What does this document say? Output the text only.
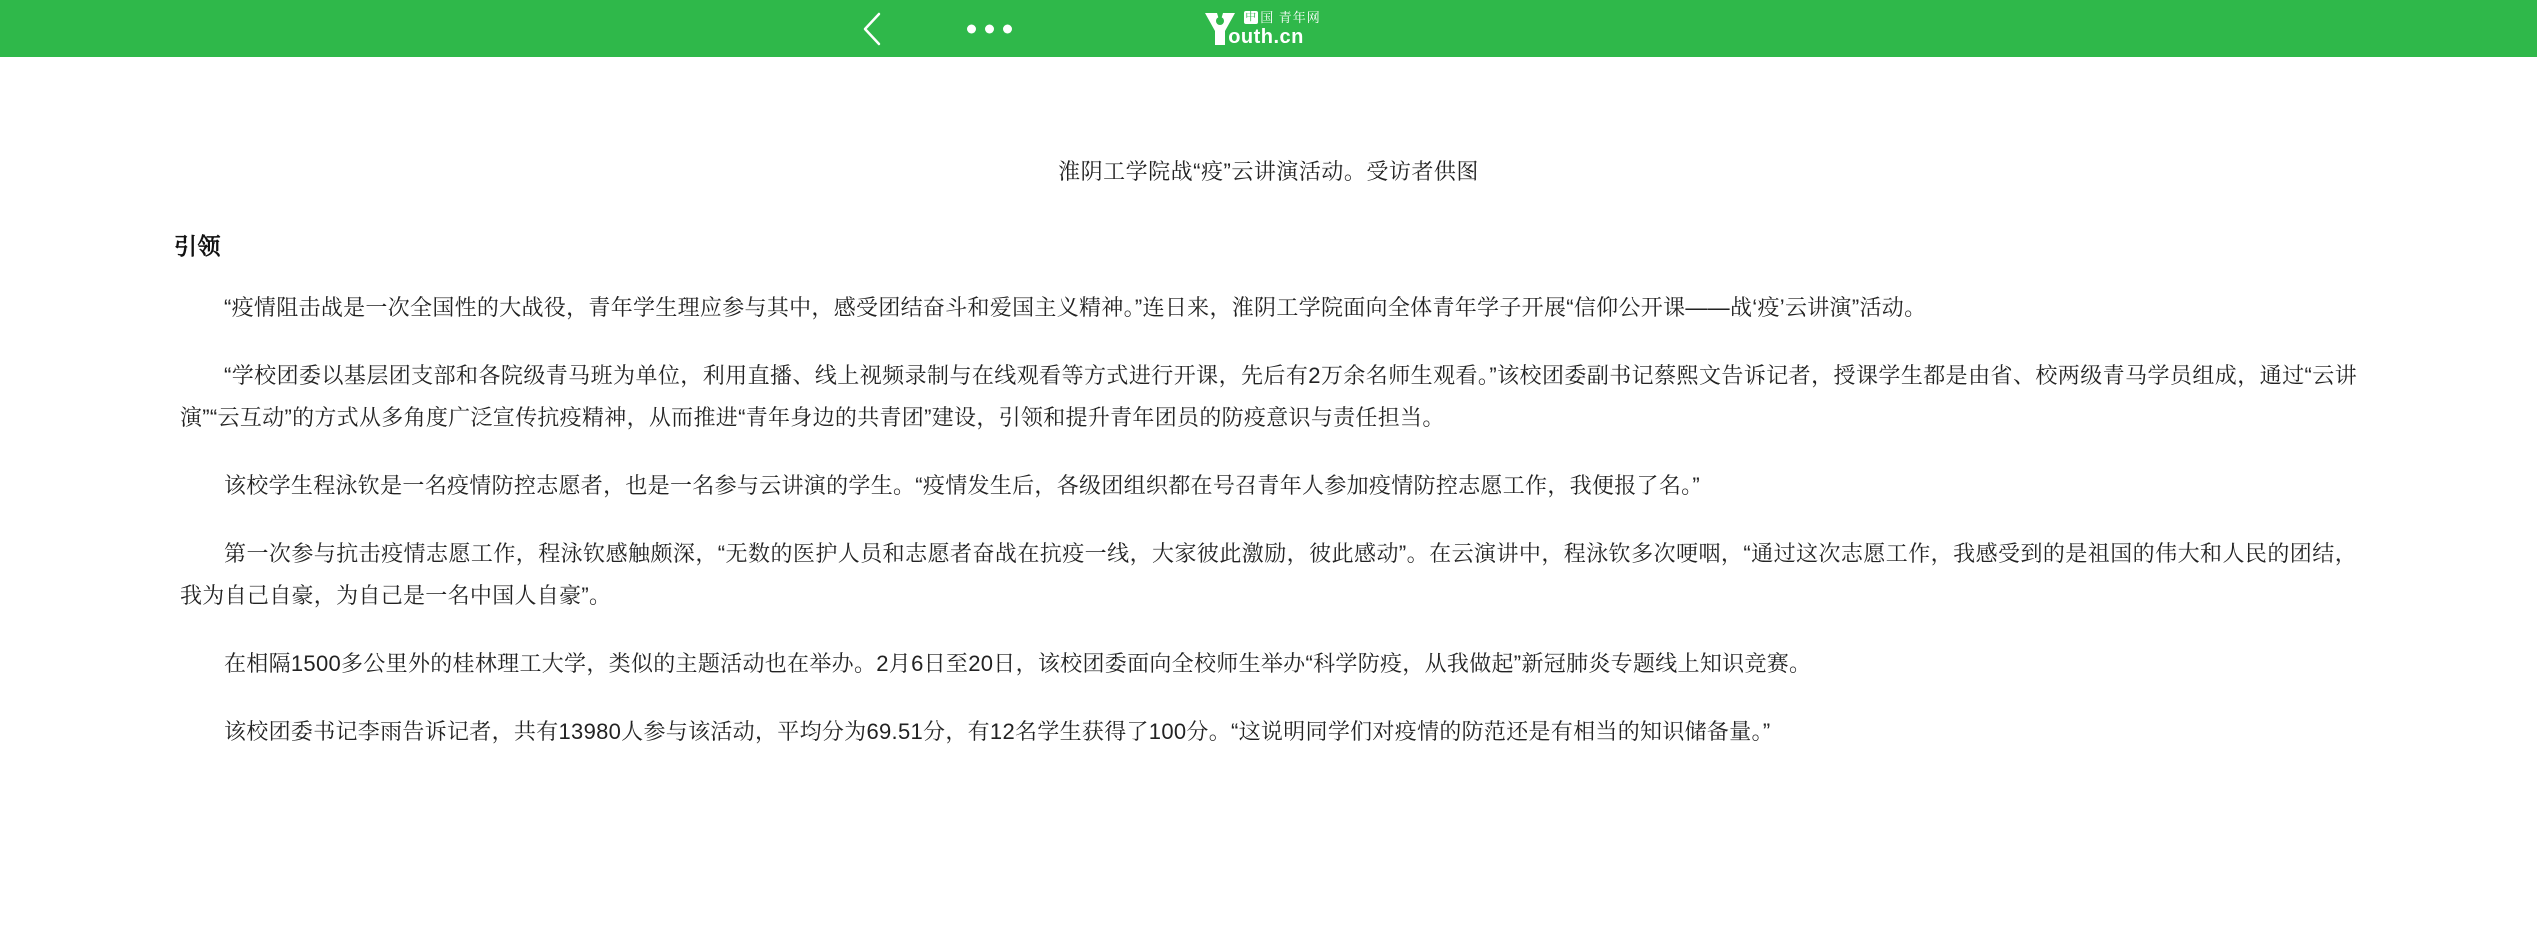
中 国 青年网
outh.cn
淮阴工学院战“疫”云讲演活动。受访者供图
引领

“疫情阻击战是一次全国性的大战役，青年学生理应参与其中，感受团结奋斗和爱国主义精神。”连日来，淮阴工学院面向全体青年学子开展“信仰公开课——战‘疫’云讲演”活动。

“学校团委以基层团支部和各院级青马班为单位，利用直播、线上视频录制与在线观看等方式进行开课，先后有2万余名师生观看。”该校团委副书记蔡熙文告诉记者，授课学生都是由省、校两级青马学员组成，通过“云讲演”“云互动”的方式从多角度广泛宣传抗疫精神，从而推进“青年身边的共青团”建设，引领和提升青年团员的防疫意识与责任担当。

该校学生程泳钦是一名疫情防控志愿者，也是一名参与云讲演的学生。“疫情发生后，各级团组织都在号召青年人参加疫情防控志愿工作，我便报了名。”

第一次参与抗击疫情志愿工作，程泳钦感触颇深，“无数的医护人员和志愿者奋战在抗疫一线，大家彼此激励，彼此感动”。在云演讲中，程泳钦多次哽咽，“通过这次志愿工作，我感受到的是祖国的伟大和人民的团结，我为自己自豪，为自己是一名中国人自豪”。

在相隔1500多公里外的桂林理工大学，类似的主题活动也在举办。2月6日至20日，该校团委面向全校师生举办“科学防疫，从我做起”新冠肺炎专题线上知识竞赛。

该校团委书记李雨告诉记者，共有13980人参与该活动，平均分为69.51分，有12名学生获得了100分。“这说明同学们对疫情的防范还是有相当的知识储备量。”
